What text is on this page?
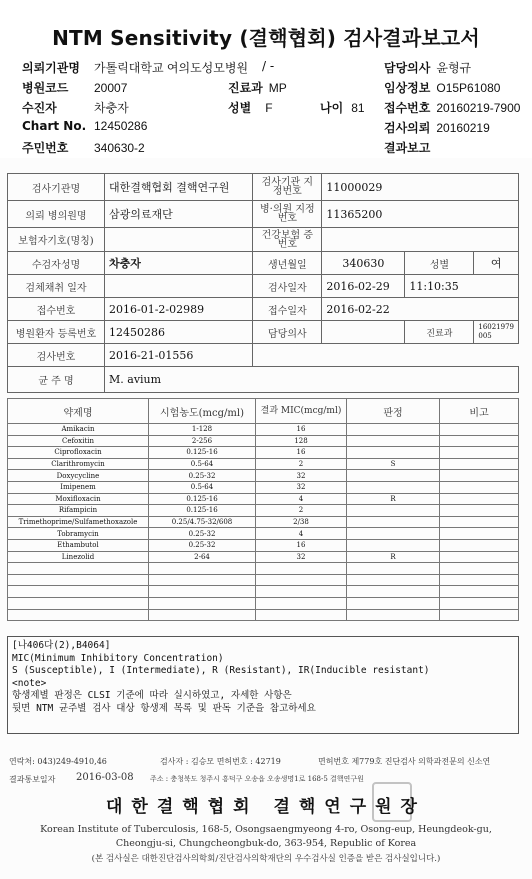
NTM Sensitivity (결핵협회) 검사결과보고서
의뢰기관명 가톨릭대학교 여의도성모병원 / -	담당의사 윤형규
병원코드 20007	진료과 MP	임상정보 O15P61080
수진자	차충자	성별 F	나이 81 접수번호 20160219-7900
Chart No. 12450286	검사의뢰 20160219
주민번호 340630-2	결과보고
검사기관명	대한결핵협회 결핵연구원	검사기관 지정번호	11000029		
의뢰 병의원명	삼광의료재단	병·의원 지정번호	11365200		
보험자기호(명칭)		건강보험 증번호			
수검자성명	차충자	생년월일	340630	성별	여
검체채취 일자		검사일자	2016-02-29	11:10:35	
접수번호	2016-01-2-02989	접수일자	2016-02-22		
병원환자 등록번호	12450286	담당의사		진료과	16021979 005
검사번호	2016-21-01556				
균 주 명	M. avium				
약제명	시험농도(mcg/ml)	결과 MIC(mcg/ml)	판정	비고
Amikacin	1-128	16		
Cefoxitin	2-256	128		
Ciprofloxacin	0.125-16	16		
Clarithromycin	0.5-64	2	S	
Doxycycline	0.25-32	32		
Imipenem	0.5-64	32		
Moxifloxacin	0.125-16	4	R	
Rifampicin	0.125-16	2		
Trimethoprime/Sulfamethoxazole	0.25/4.75-32/608	2/38		
Tobramycin	0.25-32	4		
Ethambutol	0.25-32	16		
Linezolid	2-64	32	R	

[나406다(2),B4064]
MIC(Minimum Inhibitory Concentration)
S (Susceptible), I (Intermediate), R (Resistant), IR(Inducible resistant)
<note>
항생제별 판정은 CLSI 기준에 따라 실시하였고, 자세한 사항은
뒷면 NTM 균주별 검사 대상 항생제 목록 및 판독 기준을 참고하세요
연락처: 043)249-4910,46	검사자 : 김승모 면허번호 : 42719	면허번호 제779호 진단검사 의학과전문의 신소연
결과통보일자 2016-03-08 주소 : 충청북도 청주시 흥덕구 오송읍 오송생명1로 168-5 결핵연구원
대한결핵협회 결핵연구원장
Korean Institute of Tuberculosis, 168-5, Osongsaengmyeong 4-ro, Osong-eup, Heungdeok-gu,
Cheongju-si, Chungcheongbuk-do, 363-954, Republic of Korea
(본 검사실은 대한진단검사의학회/진단검사의학재단의 우수검사실 인증을 받은 검사실입니다.)
